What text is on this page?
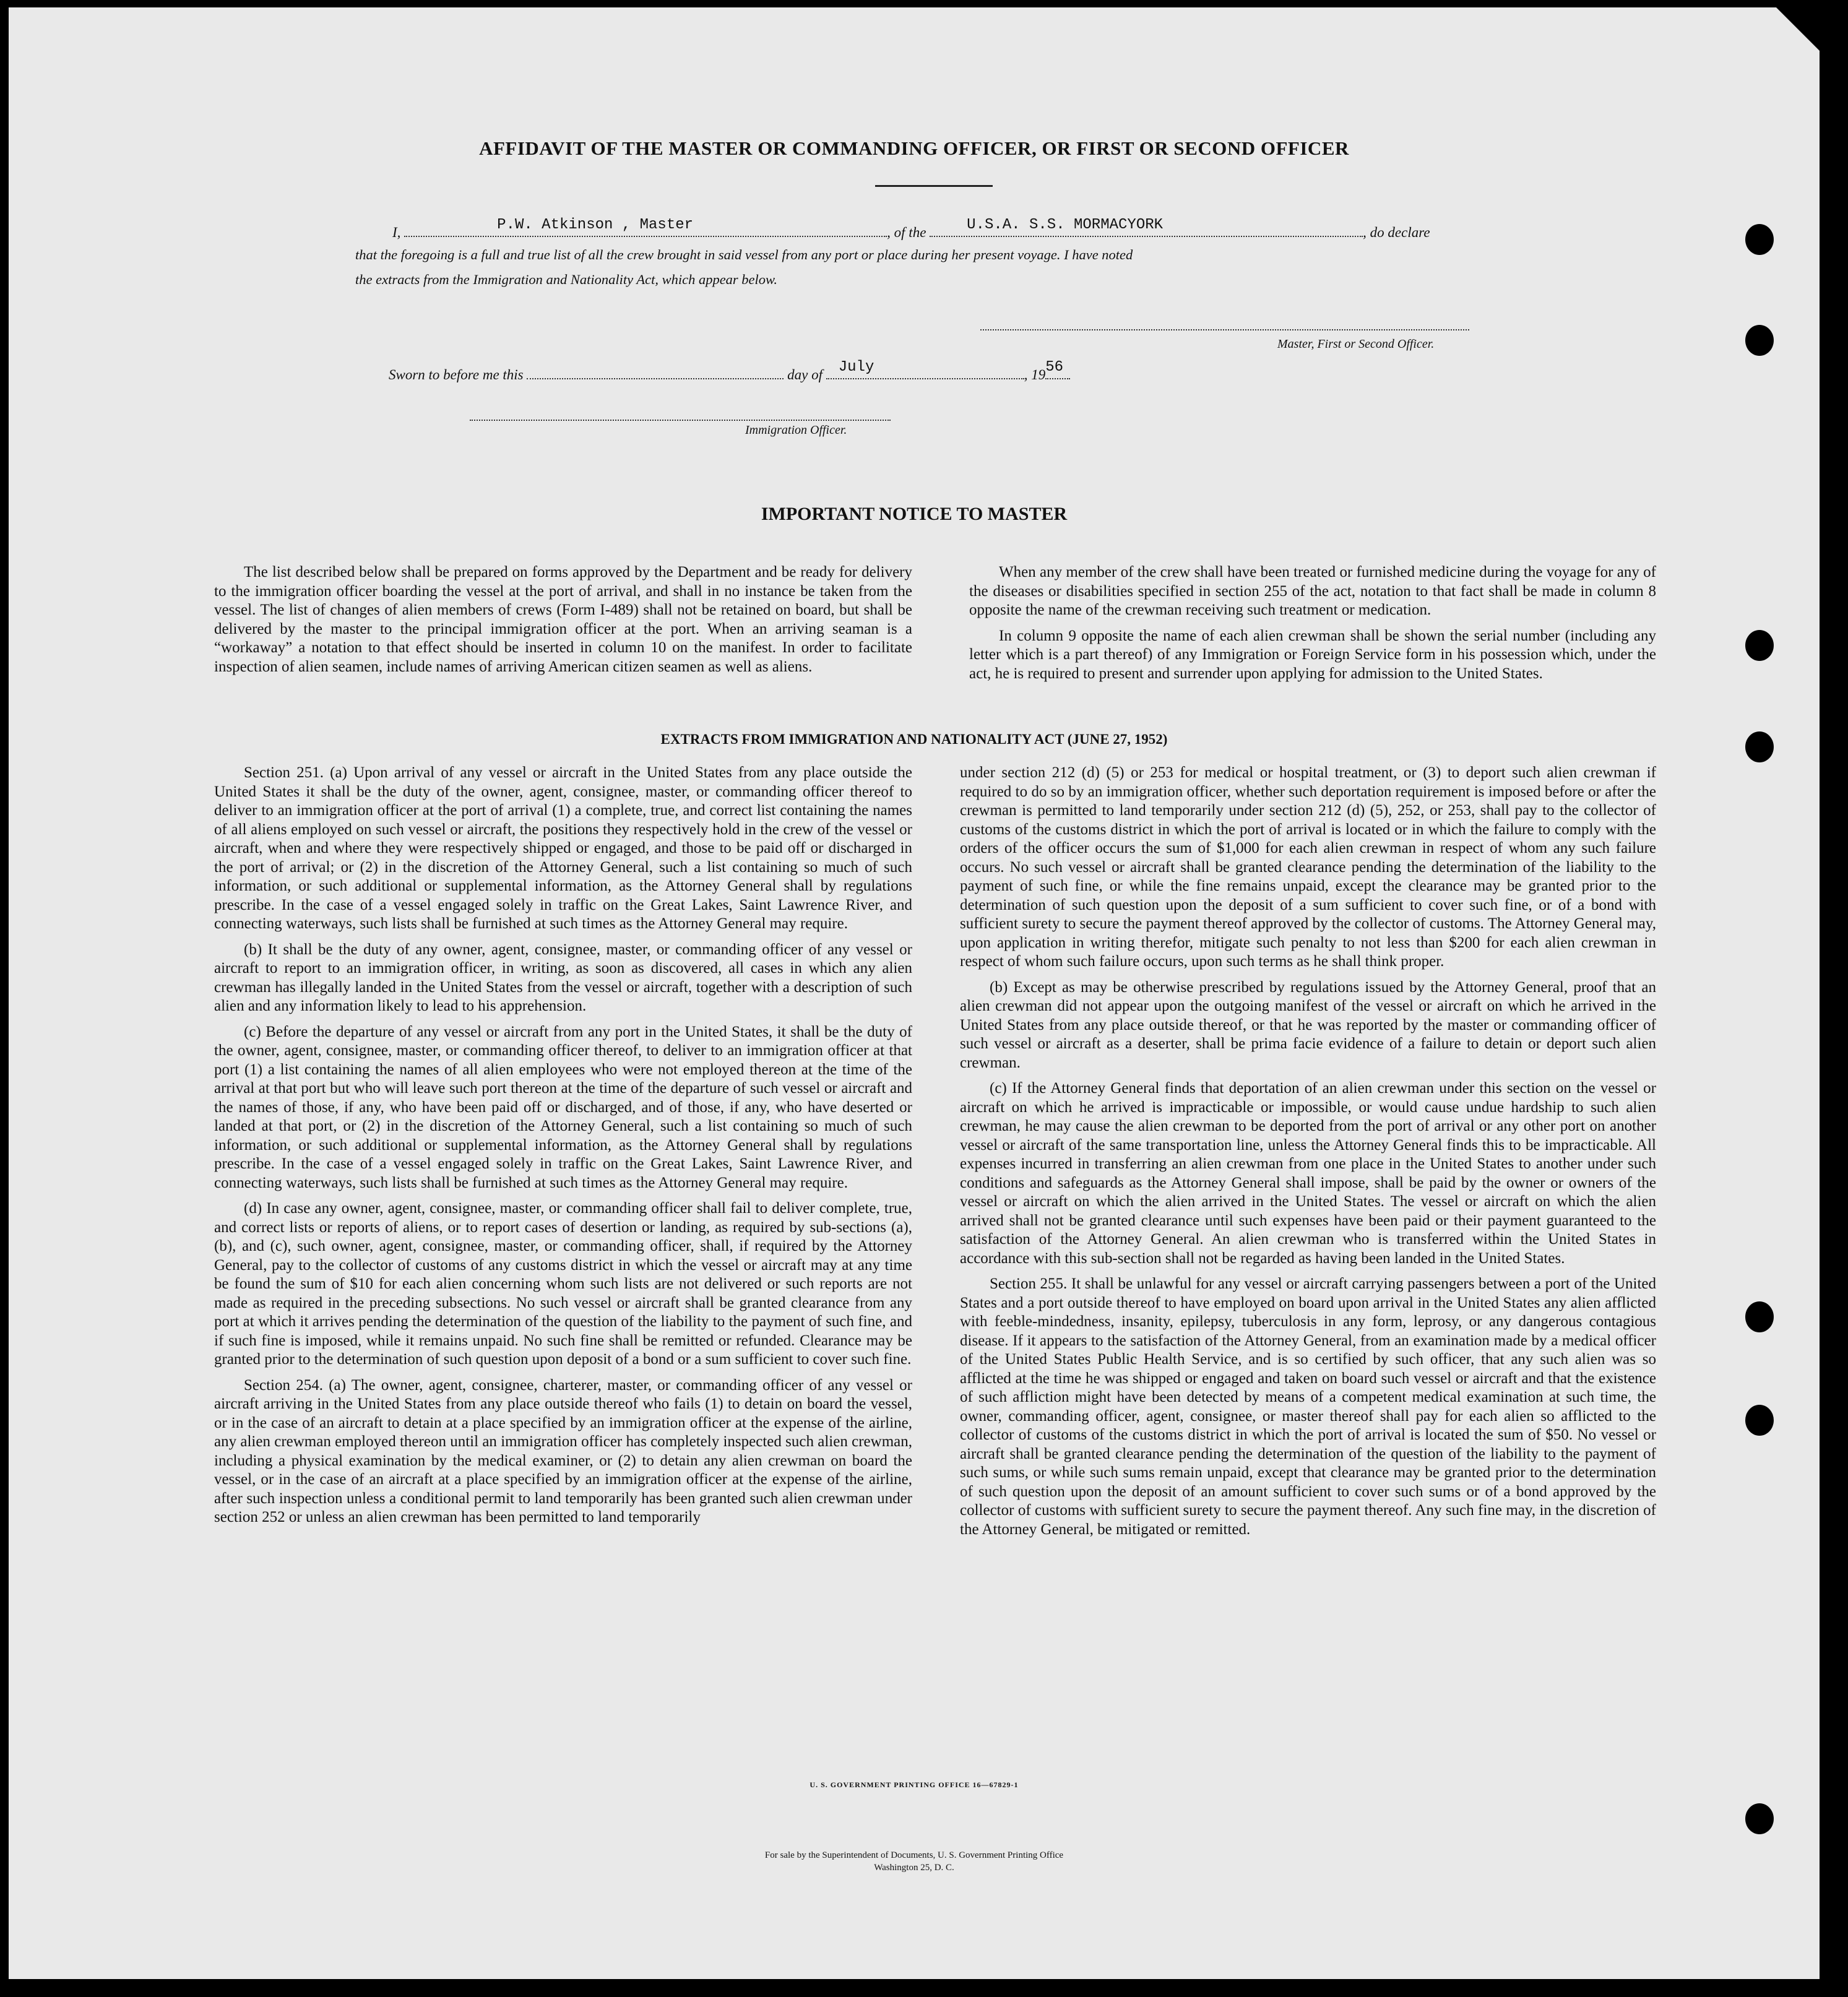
AFFIDAVIT OF THE MASTER OR COMMANDING OFFICER, OR FIRST OR SECOND OFFICER
I,	P.W. Atkinson , Master	, of the	U.S.A. S.S. MORMACYORK	, do declare
that the foregoing is a full and true list of all the crew brought in said vessel from any port or place during her present voyage. I have noted
the extracts from the Immigration and Nationality Act, which appear below.
Master, First or Second Officer.
Sworn to before me this	day of	July	, 19 56
Immigration Officer.
IMPORTANT NOTICE TO MASTER

The list described below shall be prepared on forms approved by the Department and be ready for delivery to the immigration officer boarding the vessel at the port of arrival, and shall in no instance be taken from the vessel. The list of changes of alien members of crews (Form I-489) shall not be retained on board, but shall be delivered by the master to the principal immigration officer at the port. When an arriving seaman is a “workaway” a notation to that effect should be inserted in column 10 on the manifest. In order to facilitate inspection of alien seamen, include names of arriving American citizen seamen as well as aliens.

When any member of the crew shall have been treated or furnished medicine during the voyage for any of the diseases or disabilities specified in section 255 of the act, notation to that fact shall be made in column 8 opposite the name of the crewman receiving such treatment or medication.

In column 9 opposite the name of each alien crewman shall be shown the serial number (including any letter which is a part thereof) of any Immigration or Foreign Service form in his possession which, under the act, he is required to present and surrender upon applying for admission to the United States.

EXTRACTS FROM IMMIGRATION AND NATIONALITY ACT (JUNE 27, 1952)

Section 251. (a) Upon arrival of any vessel or aircraft in the United States from any place outside the United States it shall be the duty of the owner, agent, consignee, master, or commanding officer thereof to deliver to an immigration officer at the port of arrival (1) a complete, true, and correct list containing the names of all aliens employed on such vessel or aircraft, the positions they respectively hold in the crew of the vessel or aircraft, when and where they were respectively shipped or engaged, and those to be paid off or discharged in the port of arrival; or (2) in the discretion of the Attorney General, such a list containing so much of such information, or such additional or supplemental information, as the Attorney General shall by regulations prescribe. In the case of a vessel engaged solely in traffic on the Great Lakes, Saint Lawrence River, and connecting waterways, such lists shall be furnished at such times as the Attorney General may require.

(b) It shall be the duty of any owner, agent, consignee, master, or commanding officer of any vessel or aircraft to report to an immigration officer, in writing, as soon as discovered, all cases in which any alien crewman has illegally landed in the United States from the vessel or aircraft, together with a description of such alien and any information likely to lead to his apprehension.

(c) Before the departure of any vessel or aircraft from any port in the United States, it shall be the duty of the owner, agent, consignee, master, or commanding officer thereof, to deliver to an immigration officer at that port (1) a list containing the names of all alien employees who were not employed thereon at the time of the arrival at that port but who will leave such port thereon at the time of the departure of such vessel or aircraft and the names of those, if any, who have been paid off or discharged, and of those, if any, who have deserted or landed at that port, or (2) in the discretion of the Attorney General, such a list containing so much of such information, or such additional or supplemental information, as the Attorney General shall by regulations prescribe. In the case of a vessel engaged solely in traffic on the Great Lakes, Saint Lawrence River, and connecting waterways, such lists shall be furnished at such times as the Attorney General may require.

(d) In case any owner, agent, consignee, master, or commanding officer shall fail to deliver complete, true, and correct lists or reports of aliens, or to report cases of desertion or landing, as required by sub-sections (a), (b), and (c), such owner, agent, consignee, master, or commanding officer, shall, if required by the Attorney General, pay to the collector of customs of any customs district in which the vessel or aircraft may at any time be found the sum of $10 for each alien concerning whom such lists are not delivered or such reports are not made as required in the preceding subsections. No such vessel or aircraft shall be granted clearance from any port at which it arrives pending the determination of the question of the liability to the payment of such fine, and if such fine is imposed, while it remains unpaid. No such fine shall be remitted or refunded. Clearance may be granted prior to the determination of such question upon deposit of a bond or a sum sufficient to cover such fine.

Section 254. (a) The owner, agent, consignee, charterer, master, or commanding officer of any vessel or aircraft arriving in the United States from any place outside thereof who fails (1) to detain on board the vessel, or in the case of an aircraft to detain at a place specified by an immigration officer at the expense of the airline, any alien crewman employed thereon until an immigration officer has completely inspected such alien crewman, including a physical examination by the medical examiner, or (2) to detain any alien crewman on board the vessel, or in the case of an aircraft at a place specified by an immigration officer at the expense of the airline, after such inspection unless a conditional permit to land temporarily has been granted such alien crewman under section 252 or unless an alien crewman has been permitted to land temporarily

under section 212 (d) (5) or 253 for medical or hospital treatment, or (3) to deport such alien crewman if required to do so by an immigration officer, whether such deportation requirement is imposed before or after the crewman is permitted to land temporarily under section 212 (d) (5), 252, or 253, shall pay to the collector of customs of the customs district in which the port of arrival is located or in which the failure to comply with the orders of the officer occurs the sum of $1,000 for each alien crewman in respect of whom any such failure occurs. No such vessel or aircraft shall be granted clearance pending the determination of the liability to the payment of such fine, or while the fine remains unpaid, except the clearance may be granted prior to the determination of such question upon the deposit of a sum sufficient to cover such fine, or of a bond with sufficient surety to secure the payment thereof approved by the collector of customs. The Attorney General may, upon application in writing therefor, mitigate such penalty to not less than $200 for each alien crewman in respect of whom such failure occurs, upon such terms as he shall think proper.

(b) Except as may be otherwise prescribed by regulations issued by the Attorney General, proof that an alien crewman did not appear upon the outgoing manifest of the vessel or aircraft on which he arrived in the United States from any place outside thereof, or that he was reported by the master or commanding officer of such vessel or aircraft as a deserter, shall be prima facie evidence of a failure to detain or deport such alien crewman.

(c) If the Attorney General finds that deportation of an alien crewman under this section on the vessel or aircraft on which he arrived is impracticable or impossible, or would cause undue hardship to such alien crewman, he may cause the alien crewman to be deported from the port of arrival or any other port on another vessel or aircraft of the same transportation line, unless the Attorney General finds this to be impracticable. All expenses incurred in transferring an alien crewman from one place in the United States to another under such conditions and safeguards as the Attorney General shall impose, shall be paid by the owner or owners of the vessel or aircraft on which the alien arrived in the United States. The vessel or aircraft on which the alien arrived shall not be granted clearance until such expenses have been paid or their payment guaranteed to the satisfaction of the Attorney General. An alien crewman who is transferred within the United States in accordance with this sub-section shall not be regarded as having been landed in the United States.

Section 255. It shall be unlawful for any vessel or aircraft carrying passengers between a port of the United States and a port outside thereof to have employed on board upon arrival in the United States any alien afflicted with feeble-mindedness, insanity, epilepsy, tuberculosis in any form, leprosy, or any dangerous contagious disease. If it appears to the satisfaction of the Attorney General, from an examination made by a medical officer of the United States Public Health Service, and is so certified by such officer, that any such alien was so afflicted at the time he was shipped or engaged and taken on board such vessel or aircraft and that the existence of such affliction might have been detected by means of a competent medical examination at such time, the owner, commanding officer, agent, consignee, or master thereof shall pay for each alien so afflicted to the collector of customs of the customs district in which the port of arrival is located the sum of $50. No vessel or aircraft shall be granted clearance pending the determination of the question of the liability to the payment of such sums, or while such sums remain unpaid, except that clearance may be granted prior to the determination of such question upon the deposit of an amount sufficient to cover such sums or of a bond approved by the collector of customs with sufficient surety to secure the payment thereof. Any such fine may, in the discretion of the Attorney General, be mitigated or remitted.

U. S. GOVERNMENT PRINTING OFFICE 16—67829-1
For sale by the Superintendent of Documents, U. S. Government Printing Office
Washington 25, D. C.
